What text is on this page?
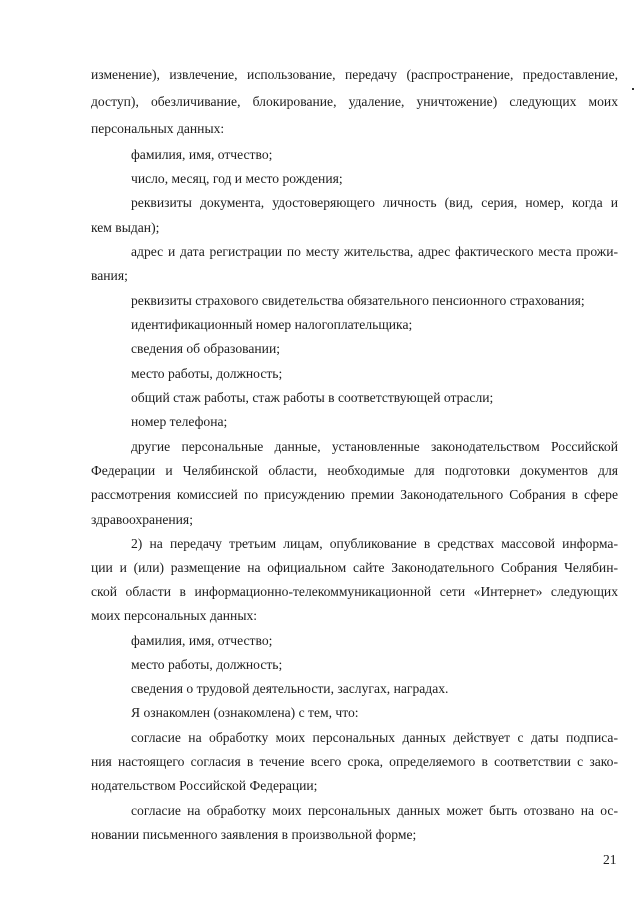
изменение), извлечение, использование, передачу (распространение, предоставление,
доступ), обезличивание, блокирование, удаление, уничтожение) следующих моих
персональных данных:
фамилия, имя, отчество;
число, месяц, год и место рождения;
реквизиты документа, удостоверяющего личность (вид, серия, номер, когда и
кем выдан);
адрес и дата регистрации по месту жительства, адрес фактического места прожи-
вания;
реквизиты страхового свидетельства обязательного пенсионного страхования;
идентификационный номер налогоплательщика;
сведения об образовании;
место работы, должность;
общий стаж работы, стаж работы в соответствующей отрасли;
номер телефона;
другие персональные данные, установленные законодательством Российской
Федерации и Челябинской области, необходимые для подготовки документов для
рассмотрения комиссией по присуждению премии Законодательного Собрания в сфере
здравоохранения;
2) на передачу третьим лицам, опубликование в средствах массовой информа-
ции и (или) размещение на официальном сайте Законодательного Собрания Челябин-
ской области в информационно-телекоммуникационной сети «Интернет» следующих
моих персональных данных:
фамилия, имя, отчество;
место работы, должность;
сведения о трудовой деятельности, заслугах, наградах.
Я ознакомлен (ознакомлена) с тем, что:
согласие на обработку моих персональных данных действует с даты подписа-
ния настоящего согласия в течение всего срока, определяемого в соответствии с зако-
нодательством Российской Федерации;
согласие на обработку моих персональных данных может быть отозвано на ос-
новании письменного заявления в произвольной форме;
21
